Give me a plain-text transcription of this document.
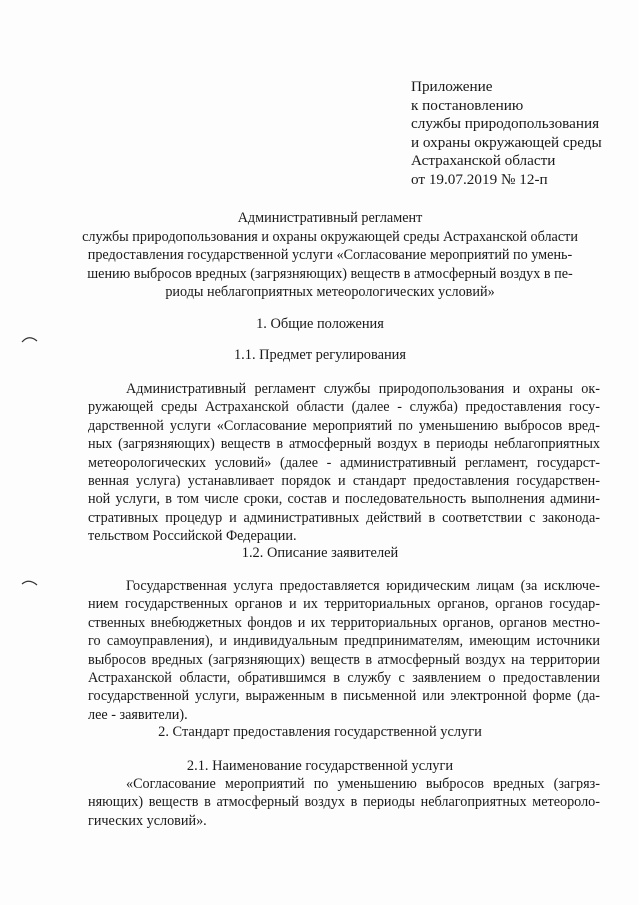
Приложение
к постановлению
службы природопользования
и охраны окружающей среды
Астраханской области
от 19.07.2019 № 12-п
Административный регламент
службы природопользования и охраны окружающей среды Астраханской области
предоставления государственной услуги «Согласование мероприятий по умень-
шению выбросов вредных (загрязняющих) веществ в атмосферный воздух в пе-
риоды неблагоприятных метеорологических условий»
1. Общие положения
1.1. Предмет регулирования
Административный регламент службы природопользования и охраны ок-
ружающей среды Астраханской области (далее - служба) предоставления госу-
дарственной услуги «Согласование мероприятий по уменьшению выбросов вред-
ных (загрязняющих) веществ в атмосферный воздух в периоды неблагоприятных
метеорологических условий» (далее - административный регламент, государст-
венная услуга) устанавливает порядок и стандарт предоставления государствен-
ной услуги, в том числе сроки, состав и последовательность выполнения админи-
стративных процедур и административных действий в соответствии с законода-
тельством Российской Федерации.
1.2. Описание заявителей
Государственная услуга предоставляется юридическим лицам (за исключе-
нием государственных органов и их территориальных органов, органов государ-
ственных внебюджетных фондов и их территориальных органов, органов местно-
го самоуправления), и индивидуальным предпринимателям, имеющим источники
выбросов вредных (загрязняющих) веществ в атмосферный воздух на территории
Астраханской области, обратившимся в службу с заявлением о предоставлении
государственной услуги, выраженным в письменной или электронной форме (да-
лее - заявители).
2. Стандарт предоставления государственной услуги
2.1. Наименование государственной услуги
«Согласование мероприятий по уменьшению выбросов вредных (загряз-
няющих) веществ в атмосферный воздух в периоды неблагоприятных метеороло-
гических условий».
